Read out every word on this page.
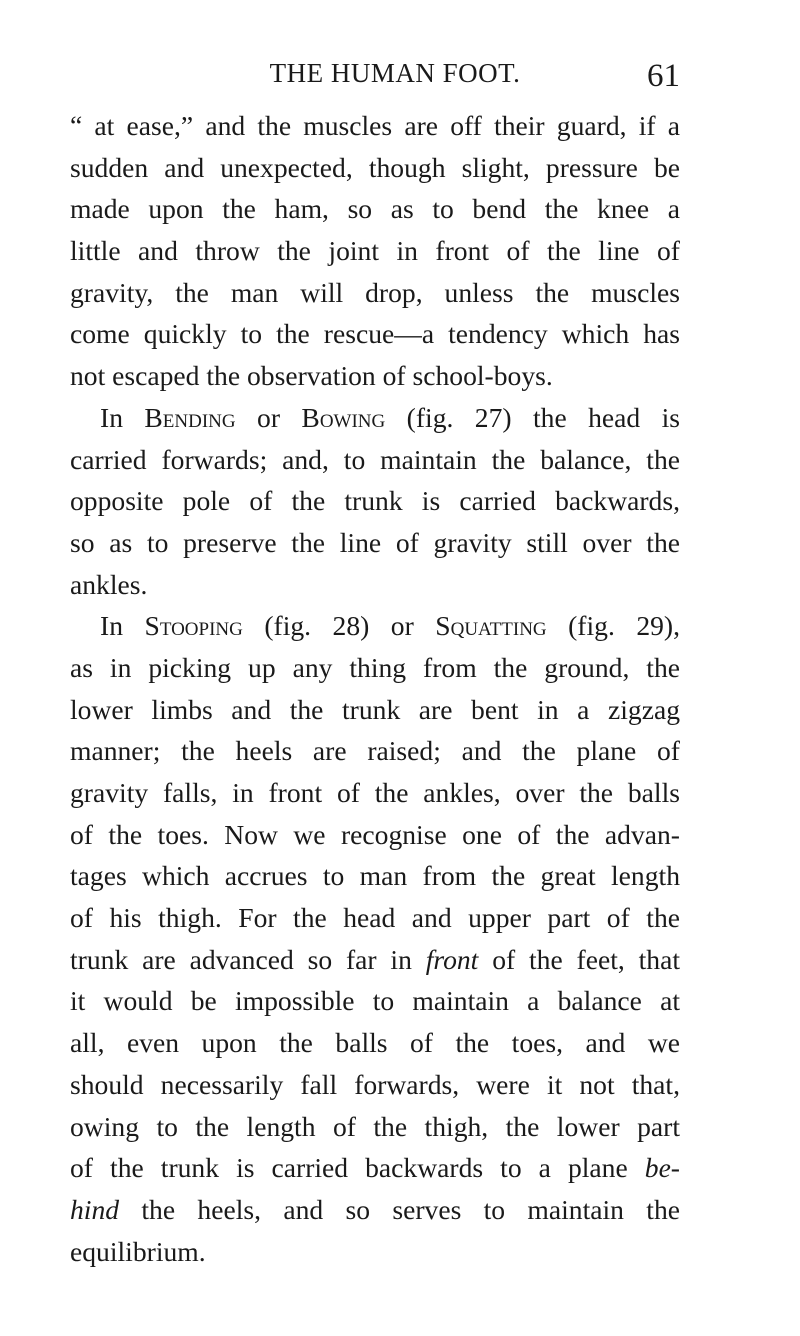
THE HUMAN FOOT.	61
“ at ease,” and the muscles are off their guard, if a
sudden and unexpected, though slight, pressure be
made upon the ham, so as to bend the knee a
little and throw the joint in front of the line of
gravity, the man will drop, unless the muscles
come quickly to the rescue—a tendency which has
not escaped the observation of school-boys.
In Bending or Bowing (fig. 27) the head is
carried forwards; and, to maintain the balance, the
opposite pole of the trunk is carried backwards,
so as to preserve the line of gravity still over the
ankles.
In Stooping (fig. 28) or Squatting (fig. 29),
as in picking up any thing from the ground, the
lower limbs and the trunk are bent in a zigzag
manner; the heels are raised; and the plane of
gravity falls, in front of the ankles, over the balls
of the toes. Now we recognise one of the advan-
tages which accrues to man from the great length
of his thigh. For the head and upper part of the
trunk are advanced so far in front of the feet, that
it would be impossible to maintain a balance at
all, even upon the balls of the toes, and we
should necessarily fall forwards, were it not that,
owing to the length of the thigh, the lower part
of the trunk is carried backwards to a plane be-
hind the heels, and so serves to maintain the
equilibrium.
